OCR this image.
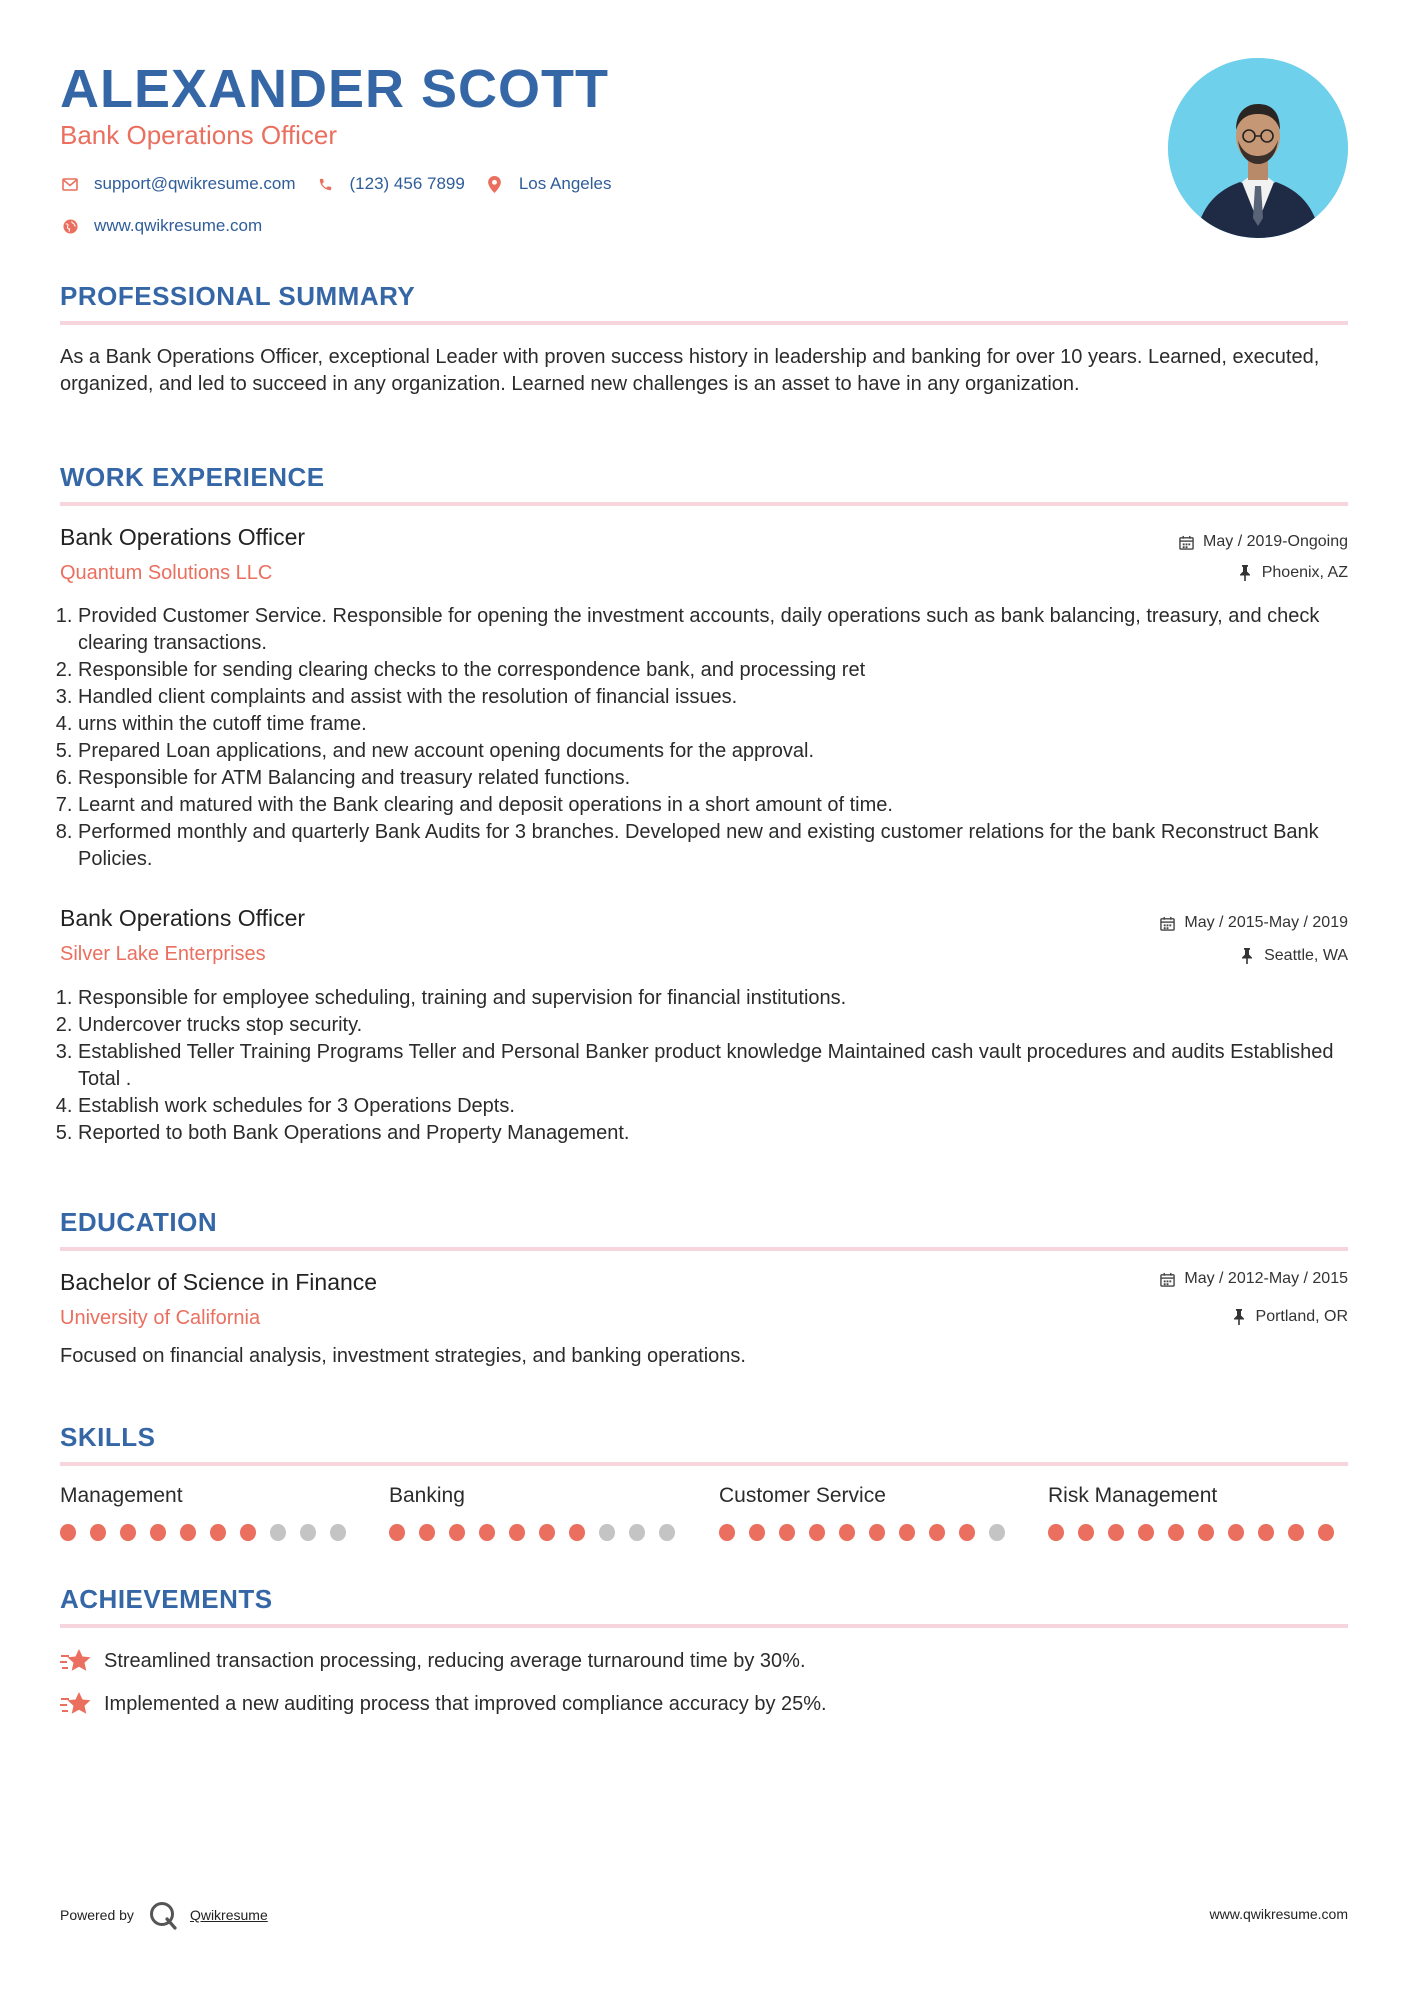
ALEXANDER SCOTT
Bank Operations Officer
support@qwikresume.com	(123) 456 7899	Los Angeles
www.qwikresume.com
PROFESSIONAL SUMMARY
As a Bank Operations Officer, exceptional Leader with proven success history in leadership and banking for over 10 years. Learned, executed, organized, and led to succeed in any organization. Learned new challenges is an asset to have in any organization.
WORK EXPERIENCE
Bank Operations Officer
Quantum Solutions LLC
May / 2019-Ongoing
Phoenix, AZ
1. Provided Customer Service. Responsible for opening the investment accounts, daily operations such as bank balancing, treasury, and check clearing transactions.
2. Responsible for sending clearing checks to the correspondence bank, and processing ret
3. Handled client complaints and assist with the resolution of financial issues.
4. urns within the cutoff time frame.
5. Prepared Loan applications, and new account opening documents for the approval.
6. Responsible for ATM Balancing and treasury related functions.
7. Learnt and matured with the Bank clearing and deposit operations in a short amount of time.
8. Performed monthly and quarterly Bank Audits for 3 branches. Developed new and existing customer relations for the bank Reconstruct Bank Policies.
Bank Operations Officer
Silver Lake Enterprises
May / 2015-May / 2019
Seattle, WA
1. Responsible for employee scheduling, training and supervision for financial institutions.
2. Undercover trucks stop security.
3. Established Teller Training Programs Teller and Personal Banker product knowledge Maintained cash vault procedures and audits Established Total .
4. Establish work schedules for 3 Operations Depts.
5. Reported to both Bank Operations and Property Management.
EDUCATION
Bachelor of Science in Finance
University of California
May / 2012-May / 2015
Portland, OR
Focused on financial analysis, investment strategies, and banking operations.
SKILLS
Management	Banking	Customer Service	Risk Management
ACHIEVEMENTS
Streamlined transaction processing, reducing average turnaround time by 30%.
Implemented a new auditing process that improved compliance accuracy by 25%.
Powered by	Qwikresume	www.qwikresume.com
